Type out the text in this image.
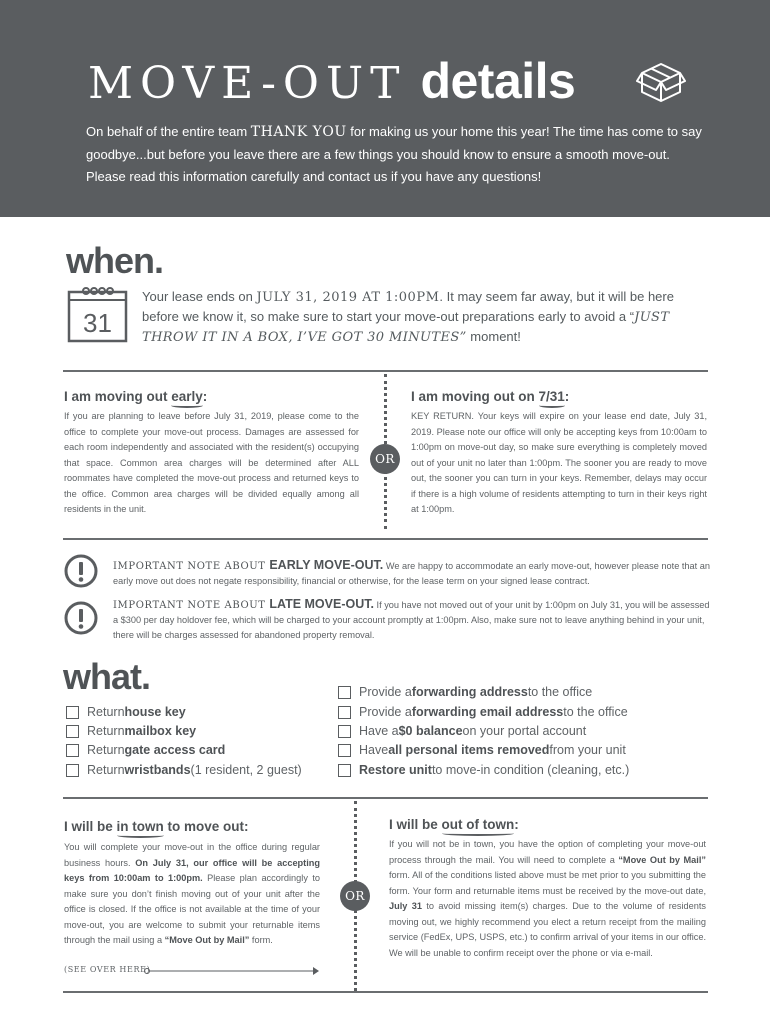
MOVE-OUT details
On behalf of the entire team THANK YOU for making us your home this year! The time has come to say goodbye...but before you leave there are a few things you should know to ensure a smooth move-out. Please read this information carefully and contact us if you have any questions!
when.
31
Your lease ends on JULY 31, 2019 AT 1:00PM. It may seem far away, but it will be here before we know it, so make sure to start your move-out preparations early to avoid a “JUST THROW IT IN A BOX, I’VE GOT 30 MINUTES” moment!
I am moving out early:
If you are planning to leave before July 31, 2019, please come to the office to complete your move-out process. Damages are assessed for each room independently and associated with the resident(s) occupying that space. Common area charges will be determined after ALL roommates have completed the move-out process and returned keys to the office. Common area charges will be divided equally among all residents in the unit.
OR
I am moving out on 7/31:
KEY RETURN. Your keys will expire on your lease end date, July 31, 2019. Please note our office will only be accepting keys from 10:00am to 1:00pm on move-out day, so make sure everything is completely moved out of your unit no later than 1:00pm. The sooner you are ready to move out, the sooner you can turn in your keys. Remember, delays may occur if there is a high volume of residents attempting to turn in their keys right at 1:00pm.
IMPORTANT NOTE ABOUT EARLY MOVE-OUT. We are happy to accommodate an early move-out, however please note that an early move out does not negate responsibility, financial or otherwise, for the lease term on your signed lease contract.
IMPORTANT NOTE ABOUT LATE MOVE-OUT. If you have not moved out of your unit by 1:00pm on July 31, you will be assessed a $300 per day holdover fee, which will be charged to your account promptly at 1:00pm. Also, make sure not to leave anything behind in your unit, there will be charges assessed for abandoned property removal.
what.
Return house key
Return mailbox key
Return gate access card
Return wristbands (1 resident, 2 guest)
Provide a forwarding address to the office
Provide a forwarding email address to the office
Have a $0 balance on your portal account
Have all personal items removed from your unit
Restore unit to move-in condition (cleaning, etc.)
I will be in town to move out:
You will complete your move-out in the office during regular business hours. On July 31, our office will be accepting keys from 10:00am to 1:00pm. Please plan accordingly to make sure you don’t finish moving out of your unit after the office is closed. If the office is not available at the time of your move-out, you are welcome to submit your returnable items through the mail using a “Move Out by Mail” form.
(SEE OVER HERE)
OR
I will be out of town:
If you will not be in town, you have the option of completing your move-out process through the mail. You will need to complete a “Move Out by Mail” form. All of the conditions listed above must be met prior to you submitting the form. Your form and returnable items must be received by the move-out date, July 31 to avoid missing item(s) charges. Due to the volume of residents moving out, we highly recommend you elect a return receipt from the mailing service (FedEx, UPS, USPS, etc.) to confirm arrival of your items in our office. We will be unable to confirm receipt over the phone or via e-mail.
